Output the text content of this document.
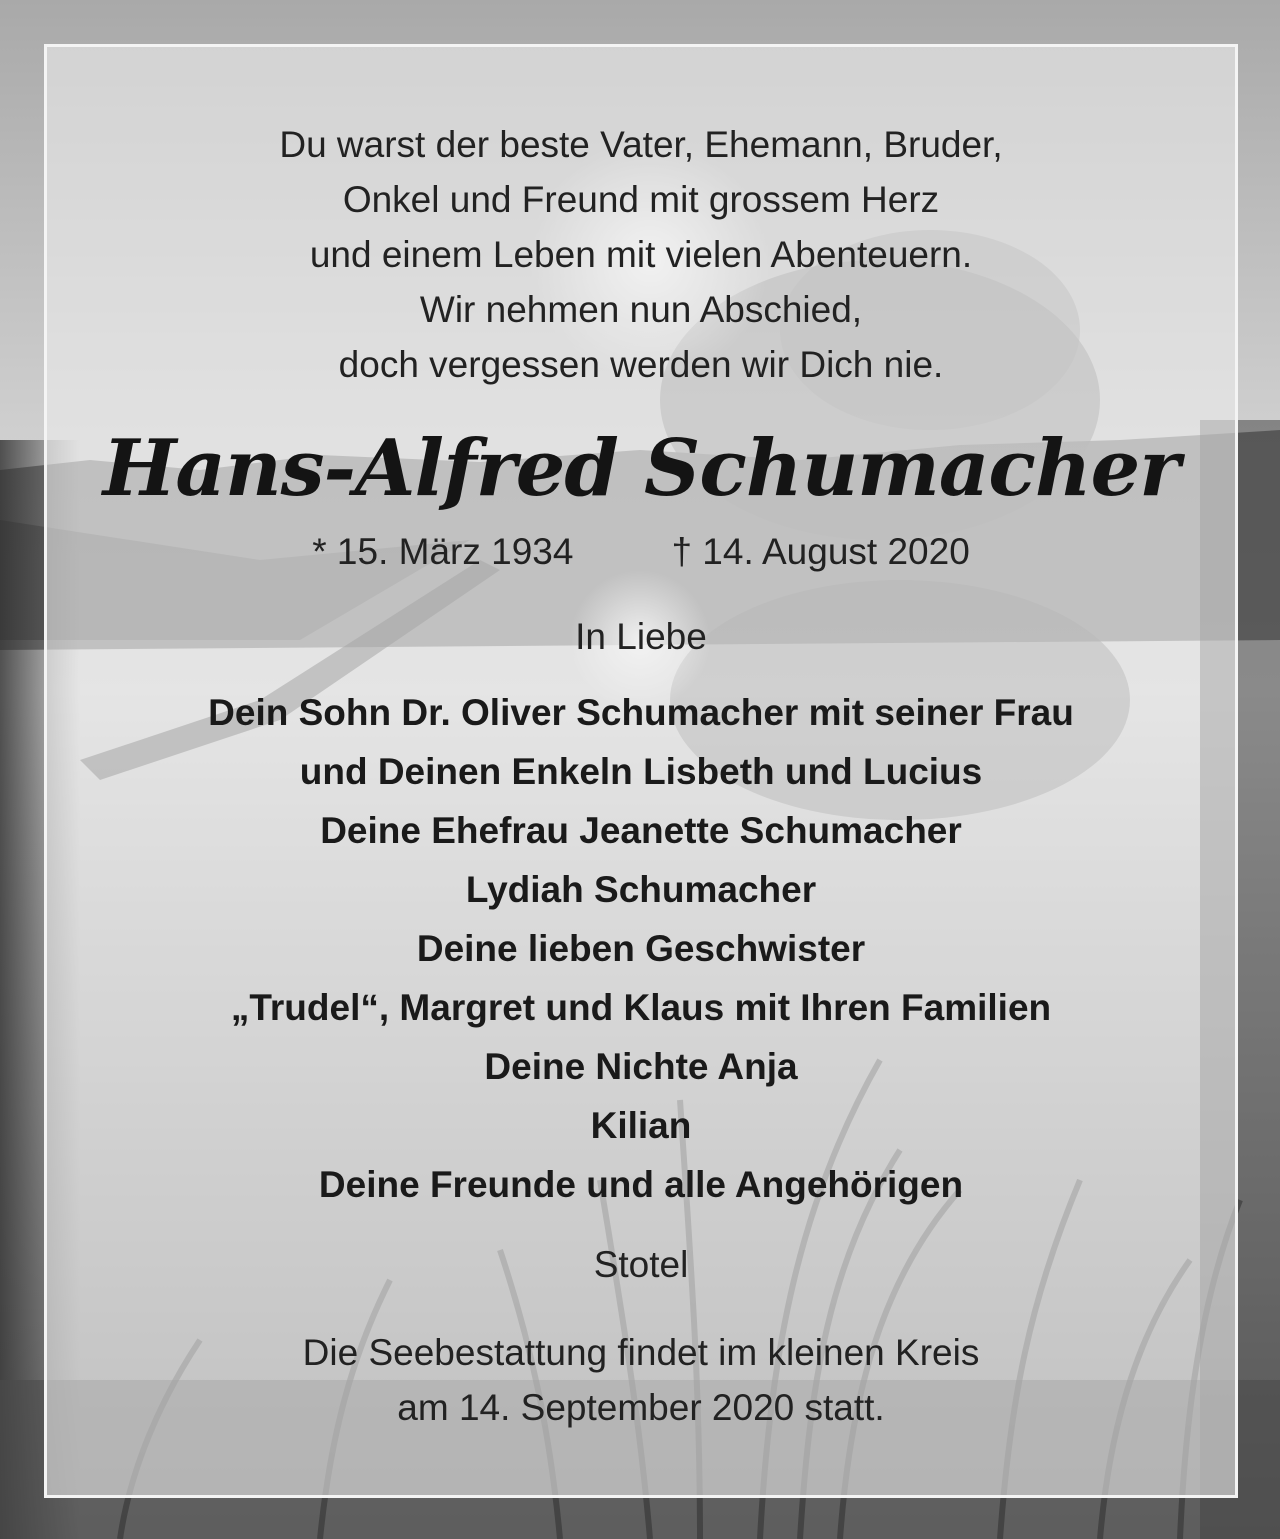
Du warst der beste Vater, Ehemann, Bruder,
Onkel und Freund mit grossem Herz
und einem Leben mit vielen Abenteuern.
Wir nehmen nun Abschied,
doch vergessen werden wir Dich nie.
Hans-Alfred Schumacher
* 15. März 1934	† 14. August 2020
In Liebe
Dein Sohn Dr. Oliver Schumacher mit seiner Frau
und Deinen Enkeln Lisbeth und Lucius
Deine Ehefrau Jeanette Schumacher
Lydiah Schumacher
Deine lieben Geschwister
„Trudel“, Margret und Klaus mit Ihren Familien
Deine Nichte Anja
Kilian
Deine Freunde und alle Angehörigen
Stotel
Die Seebestattung findet im kleinen Kreis
am 14. September 2020 statt.
